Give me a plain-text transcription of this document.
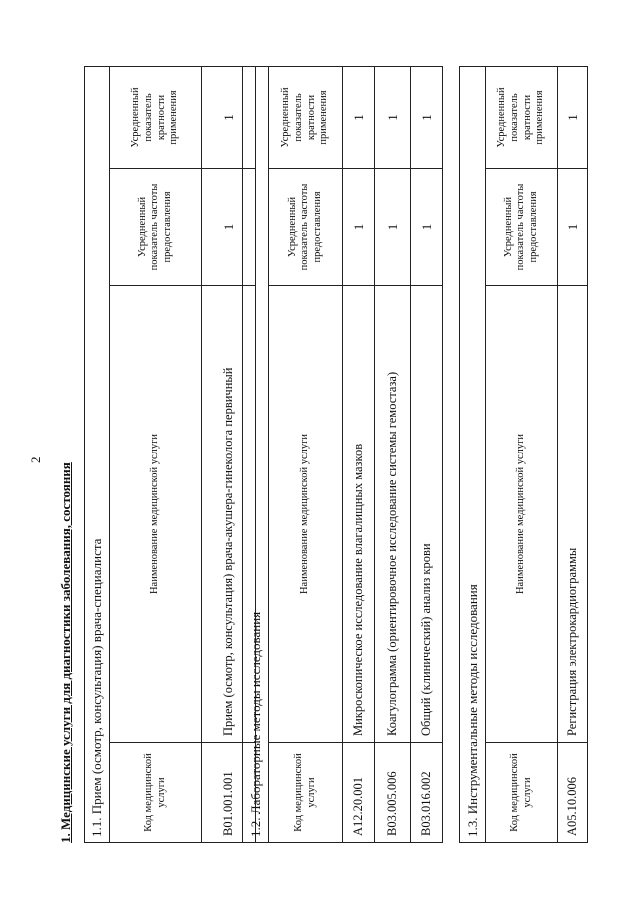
2
1. Медицинские услуги для диагностики заболевания, состояния 1.1. Прием (осмотр, консультация) врача-специалиста			
Код медицинской услуги	Наименование медицинской услуги	Усредненный показатель частоты предоставления	Усредненный показатель кратности применения
B01.001.001	Прием (осмотр, консультация) врача-акушера-гинеколога первичный	1	1
1.2. Лабораторные методы исследования			
Код медицинской услуги	Наименование медицинской услуги	Усредненный показатель частоты предоставления	Усредненный показатель кратности применения
A12.20.001	Микроскопическое исследование влагалищных мазков	1	1
B03.005.006	Коагулограмма (ориентировочное исследование системы гемостаза)	1	1
B03.016.002	Общий (клинический) анализ крови	1	1
1.3. Инструментальные методы исследования			
Код медицинской услуги	Наименование медицинской услуги	Усредненный показатель частоты предоставления	Усредненный показатель кратности применения
A05.10.006	Регистрация электрокардиограммы	1	1
